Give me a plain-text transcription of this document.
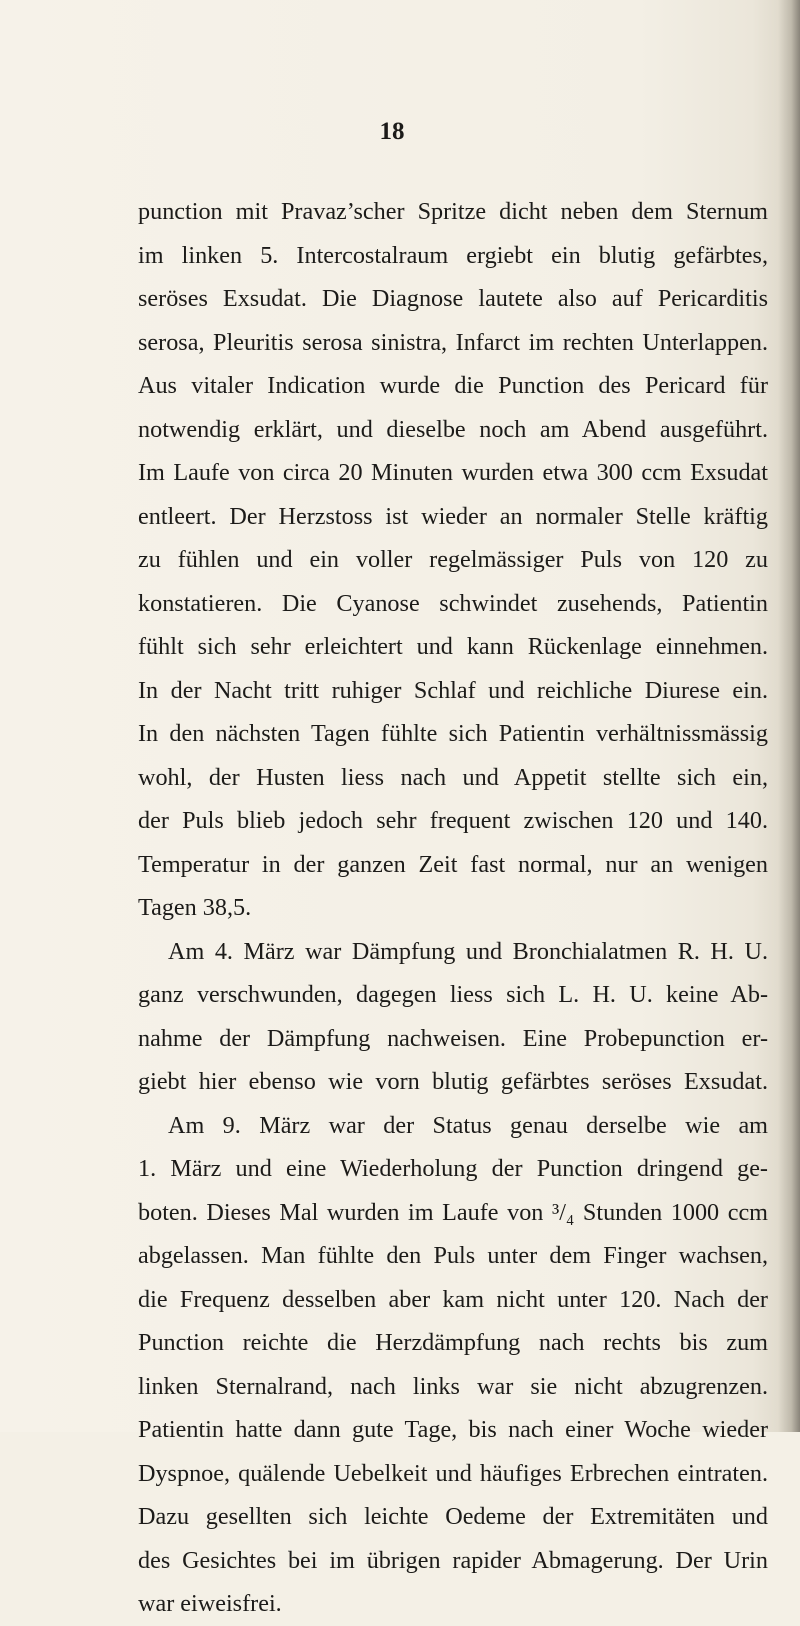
18
punction mit Pravaz’scher Spritze dicht neben dem Sternum
im linken 5. Intercostalraum ergiebt ein blutig gefärbtes,
seröses Exsudat. Die Diagnose lautete also auf Pericarditis
serosa, Pleuritis serosa sinistra, Infarct im rechten Unterlappen.
Aus vitaler Indication wurde die Punction des Pericard für
notwendig erklärt, und dieselbe noch am Abend ausgeführt.
Im Laufe von circa 20 Minuten wurden etwa 300 ccm Exsudat
entleert. Der Herzstoss ist wieder an normaler Stelle kräftig
zu fühlen und ein voller regelmässiger Puls von 120 zu
konstatieren. Die Cyanose schwindet zusehends, Patientin
fühlt sich sehr erleichtert und kann Rückenlage einnehmen.
In der Nacht tritt ruhiger Schlaf und reichliche Diurese ein.
In den nächsten Tagen fühlte sich Patientin verhältnissmässig
wohl, der Husten liess nach und Appetit stellte sich ein,
der Puls blieb jedoch sehr frequent zwischen 120 und 140.
Temperatur in der ganzen Zeit fast normal, nur an wenigen
Tagen 38,5.
Am 4. März war Dämpfung und Bronchialatmen R. H. U.
ganz verschwunden, dagegen liess sich L. H. U. keine Ab-
nahme der Dämpfung nachweisen. Eine Probepunction er-
giebt hier ebenso wie vorn blutig gefärbtes seröses Exsudat.
Am 9. März war der Status genau derselbe wie am
1. März und eine Wiederholung der Punction dringend ge-
boten. Dieses Mal wurden im Laufe von ³/₄ Stunden 1000 ccm
abgelassen. Man fühlte den Puls unter dem Finger wachsen,
die Frequenz desselben aber kam nicht unter 120. Nach der
Punction reichte die Herzdämpfung nach rechts bis zum
linken Sternalrand, nach links war sie nicht abzugrenzen.
Patientin hatte dann gute Tage, bis nach einer Woche wieder
Dyspnoe, quälende Uebelkeit und häufiges Erbrechen eintraten.
Dazu gesellten sich leichte Oedeme der Extremitäten und
des Gesichtes bei im übrigen rapider Abmagerung. Der Urin
war eiweisfrei.
